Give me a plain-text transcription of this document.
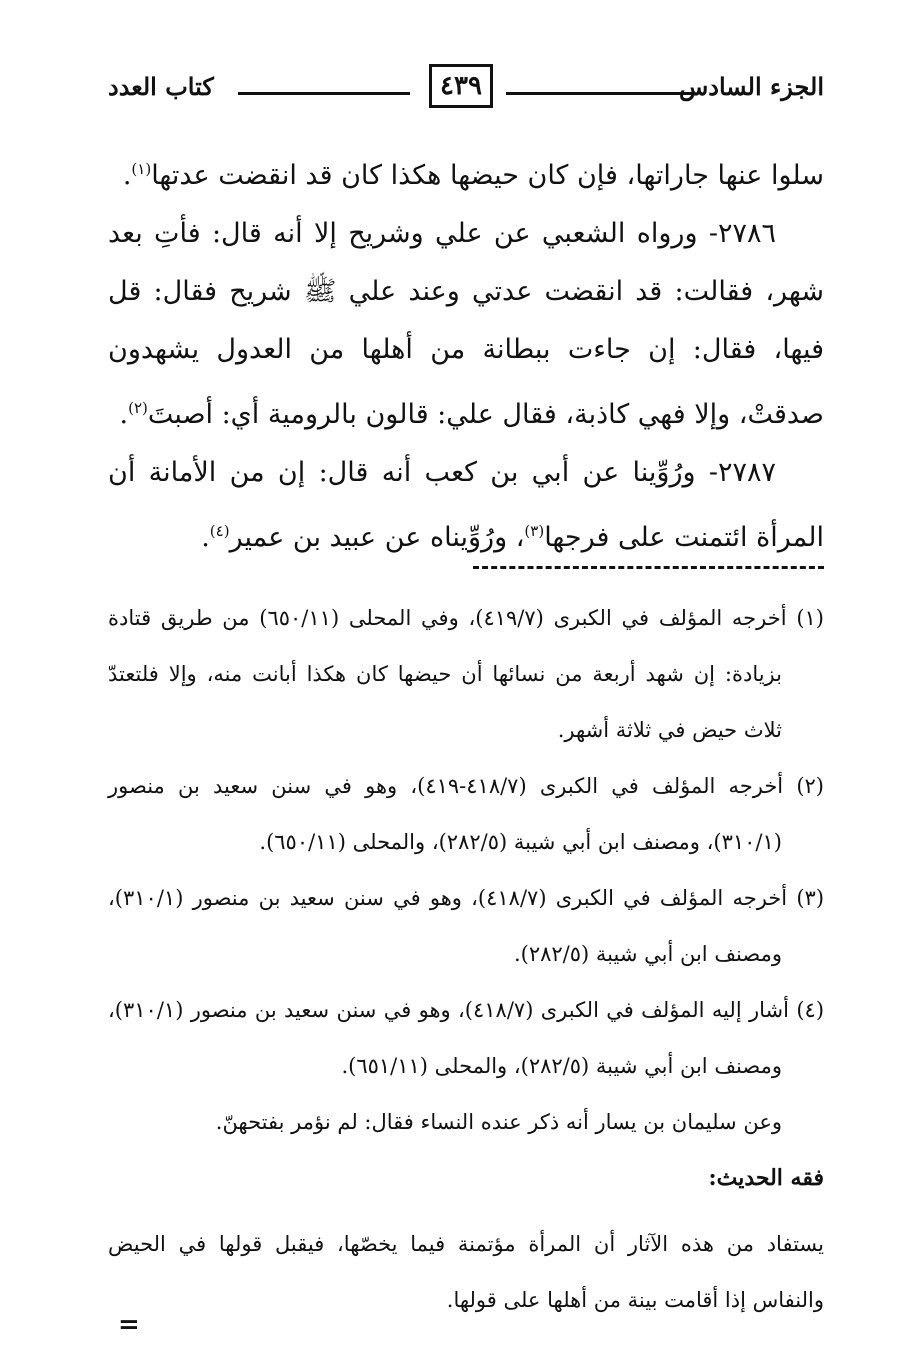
الجزء السادس
٤٣٩
كتاب العدد

سلوا عنها جاراتها، فإن كان حيضها هكذا كان قد انقضت عدتها$^{(١)}$.

٢٧٨٦- ورواه الشعبي عن علي وشريح إلا أنه قال: فأتِ بعد شهر، فقالت: قد انقضت عدتي وعند علي ﷺ شريح فقال: قل فيها، فقال: إن جاءت ببطانة من أهلها من العدول يشهدون صدقتْ، وإلا فهي كاذبة، فقال علي: قالون بالرومية أي: أصبتَ$^{(٢)}$.

٢٧٨٧- ورُوِّينا عن أبي بن كعب أنه قال: إن من الأمانة أن المرأة ائتمنت على فرجها$^{(٣)}$، ورُوِّيناه عن عبيد بن عمير$^{(٤)}$.

(١) أخرجه المؤلف في الكبرى (٤١٩/٧)، وفي المحلى (٦٥٠/١١) من طريق قتادة بزيادة: إن شهد أربعة من نسائها أن حيضها كان هكذا أبانت منه، وإلا فلتعتدّ ثلاث حيض في ثلاثة أشهر.

(٢) أخرجه المؤلف في الكبرى (٤١٨/٧-٤١٩)، وهو في سنن سعيد بن منصور (٣١٠/١)، ومصنف ابن أبي شيبة (٢٨٢/٥)، والمحلى (٦٥٠/١١).

(٣) أخرجه المؤلف في الكبرى (٤١٨/٧)، وهو في سنن سعيد بن منصور (٣١٠/١)، ومصنف ابن أبي شيبة (٢٨٢/٥).

(٤) أشار إليه المؤلف في الكبرى (٤١٨/٧)، وهو في سنن سعيد بن منصور (٣١٠/١)، ومصنف ابن أبي شيبة (٢٨٢/٥)، والمحلى (٦٥١/١١).

وعن سليمان بن يسار أنه ذكر عنده النساء فقال: لم نؤمر بفتحهنّ.

فقه الحديث:

يستفاد من هذه الآثار أن المرأة مؤتمنة فيما يخصّها، فيقبل قولها في الحيض والنفاس إذا أقامت بينة من أهلها على قولها.

=
